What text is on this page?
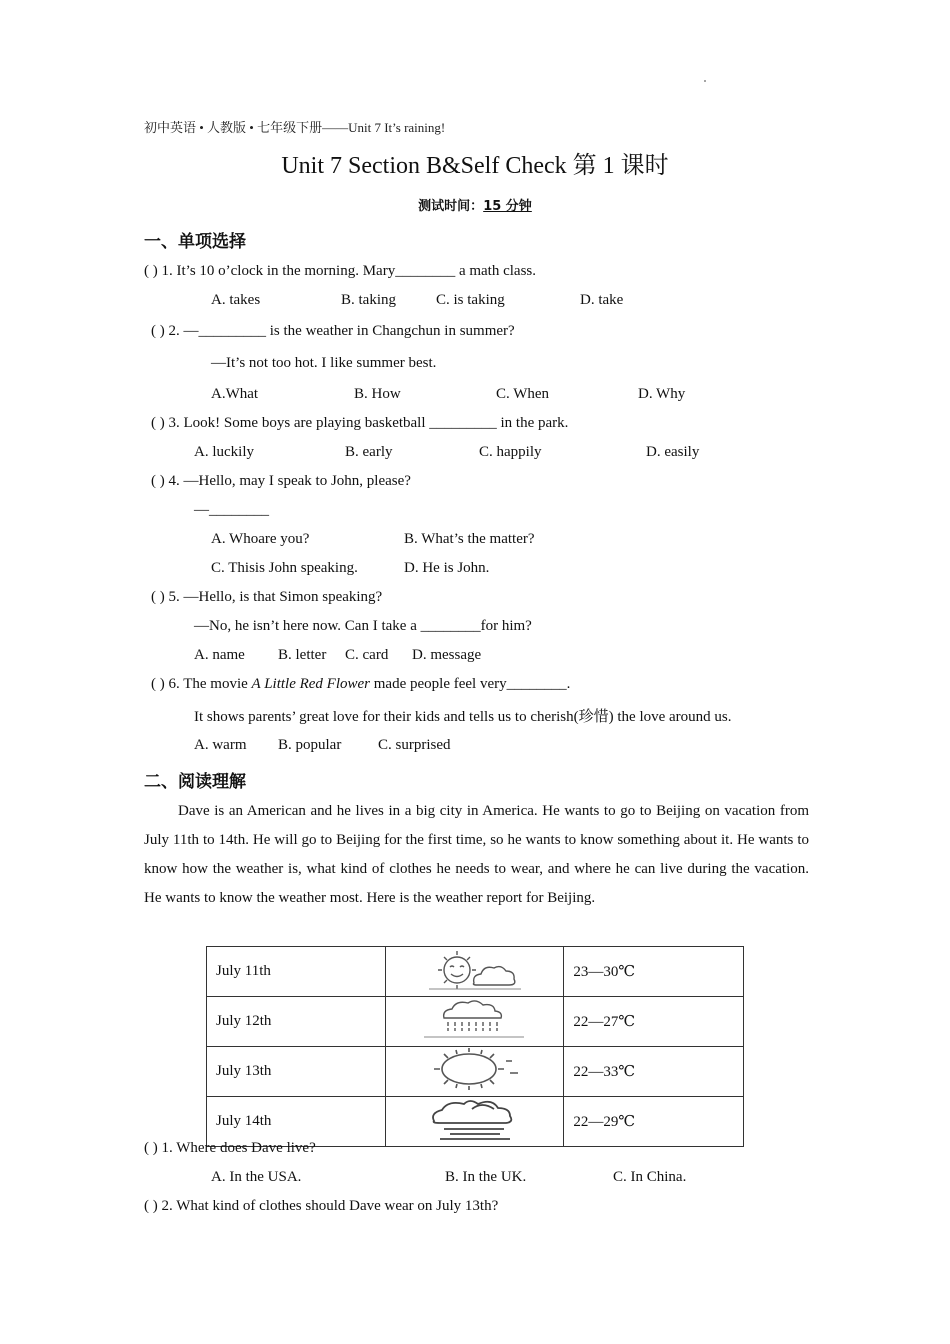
初中英语 • 人教版 • 七年级下册——Unit 7 It’s raining!
Unit 7 Section B&Self Check 第 1 课时
测试时间：15 分钟
一、单项选择
( ) 1. It’s 10 o’clock in the morning. Mary________ a math class.
A. takes	B. taking	C. is taking	D. take
( ) 2. —_________ is the weather in Changchun in summer?
—It’s not too hot. I like summer best.
A.What	B. How	C. When	D. Why
( ) 3. Look! Some boys are playing basketball _________ in the park.
A. luckily	B. early	C. happily	D. easily
( ) 4. —Hello, may I speak to John, please?
—________
A. Whoare you?	B. What’s the matter?
C. Thisis John speaking.	D. He is John.
( ) 5. —Hello, is that Simon speaking?
—No, he isn’t here now. Can I take a ________for him?
A. name B. letter C. card D. message
( ) 6. The movie A Little Red Flower made people feel very________.
It shows parents’ great love for their kids and tells us to cherish(珍惜) the love around us.
A. warm B. popular C. surprised
二、阅读理解

Dave is an American and he lives in a big city in America. He wants to go to Beijing on vacation from July 11th to 14th. He will go to Beijing for the first time, so he wants to know something about it. He wants to know how the weather is, what kind of clothes he needs to wear, and where he can live during the vacation. He wants to know the weather most. Here is the weather report for Beijing.

July 11th		23—30℃
July 12th		22—27℃
July 13th		22—33℃
July 14th		22—29℃
( ) 1. Where does Dave live?
A. In the USA.	B. In the UK.	C. In China.
( ) 2. What kind of clothes should Dave wear on July 13th?
